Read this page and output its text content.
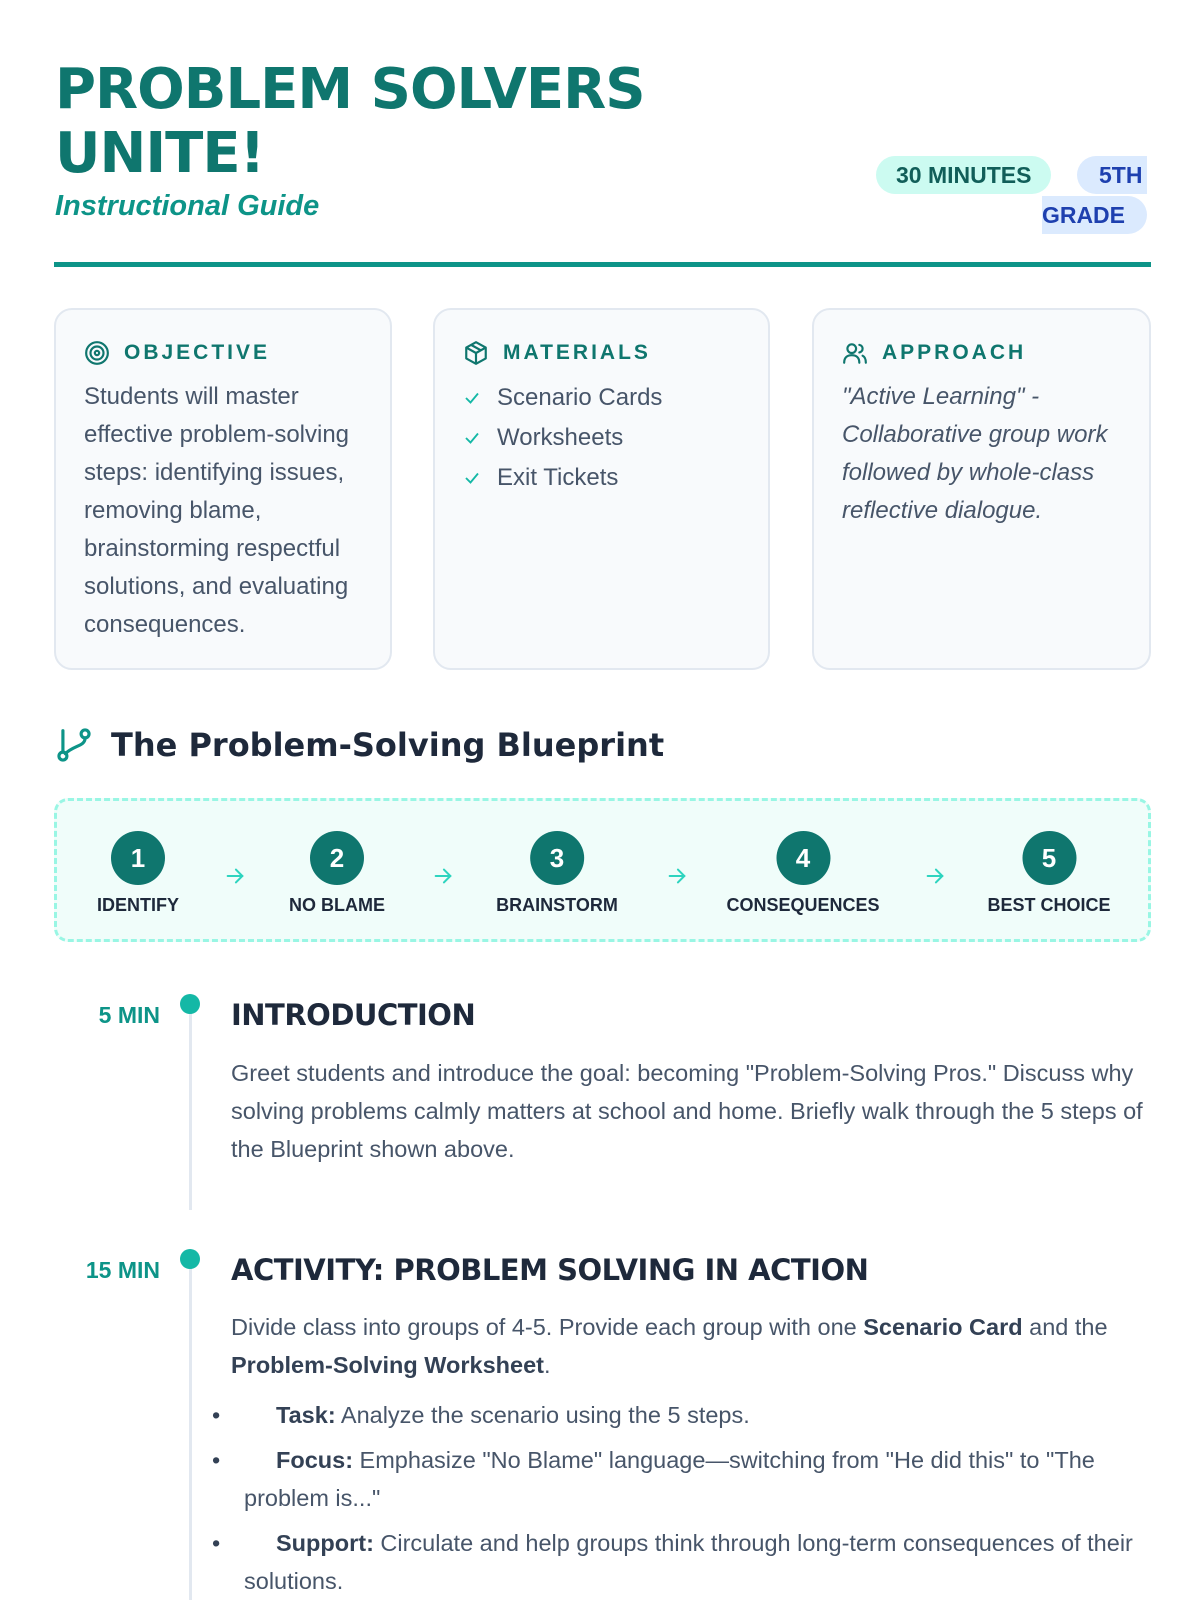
PROBLEM SOLVERS UNITE!

Instructional Guide

30 MINUTES	5TH
GRADE
OBJECTIVE

Students will master effective problem-solving steps: identifying issues, removing blame, brainstorming respectful solutions, and evaluating consequences.

MATERIALS
Scenario Cards
Worksheets
Exit Tickets
APPROACH

"Active Learning" - Collaborative group work followed by whole-class reflective dialogue.

The Problem-Solving Blueprint
1
IDENTIFY
2
NO BLAME
3
BRAINSTORM
4
CONSEQUENCES
5
BEST CHOICE
5 MIN INTRODUCTION

Greet students and introduce the goal: becoming "Problem-Solving Pros." Discuss why solving problems calmly matters at school and home. Briefly walk through the 5 steps of the Blueprint shown above.

15 MIN ACTIVITY: PROBLEM SOLVING IN ACTION

Divide class into groups of 4-5. Provide each group with one Scenario Card and the Problem-Solving Worksheet.

• Task: Analyze the scenario using the 5 steps.
• Focus: Emphasize "No Blame" language—switching from "He did this" to "The problem is..."
• Support: Circulate and help groups think through long-term consequences of their solutions.
